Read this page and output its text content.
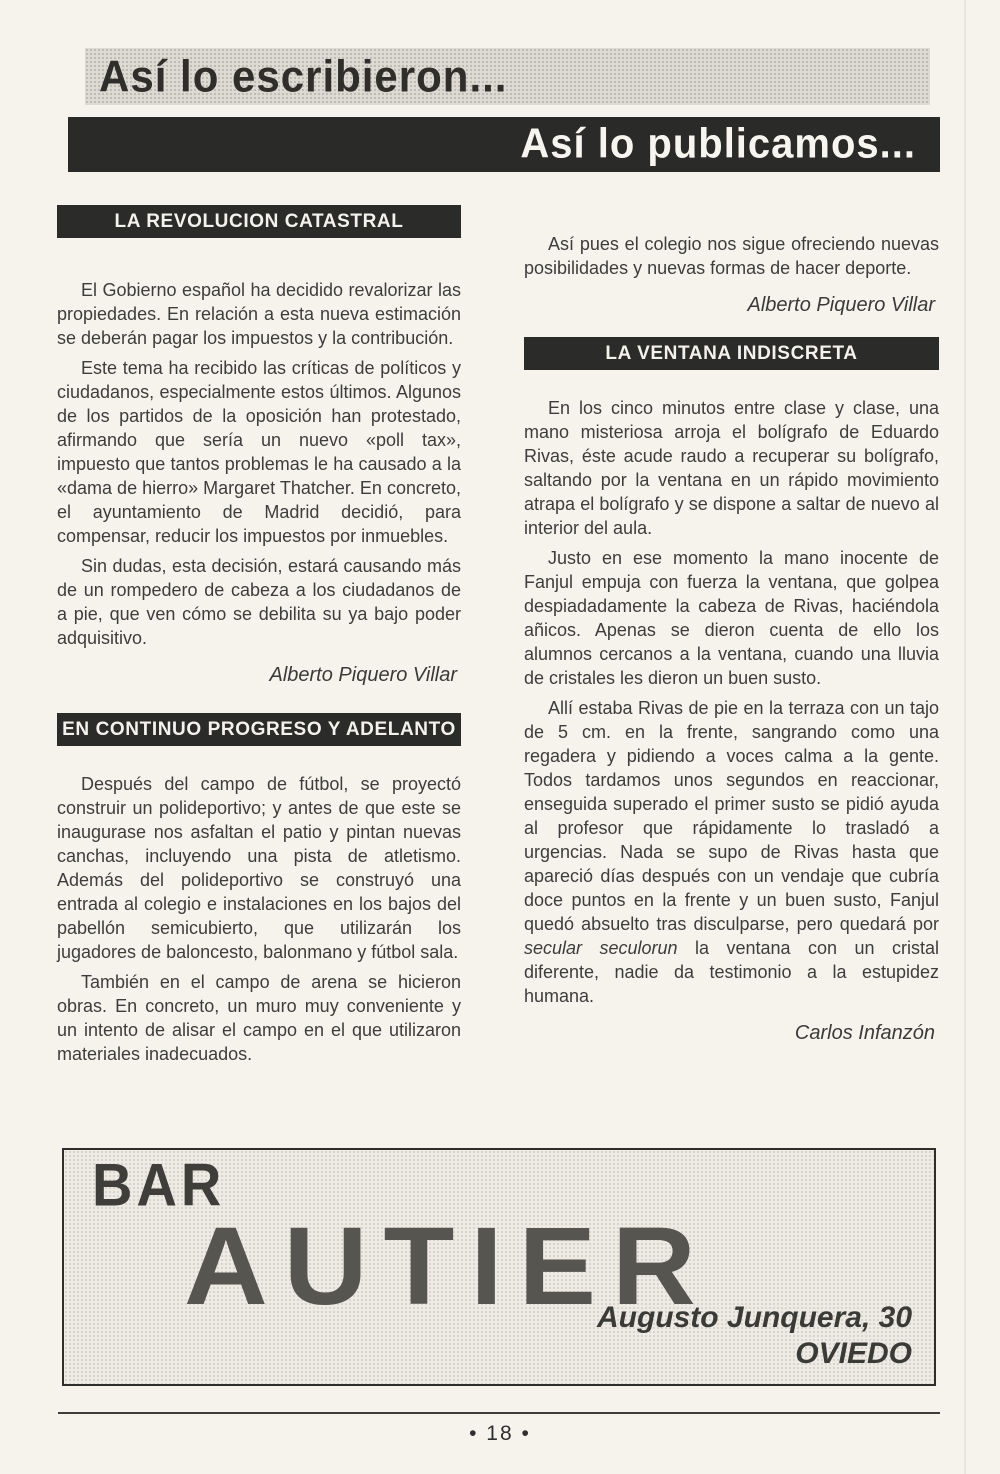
Así lo escribieron...
Así lo publicamos...
LA REVOLUCION CATASTRAL

El Gobierno español ha decidido revalorizar las propiedades. En relación a esta nueva estimación se deberán pagar los impuestos y la contribución.

Este tema ha recibido las críticas de políticos y ciudadanos, especialmente estos últimos. Algunos de los partidos de la oposición han protestado, afirmando que sería un nuevo «poll tax», impuesto que tantos problemas le ha causado a la «dama de hierro» Margaret Thatcher. En concreto, el ayuntamiento de Madrid decidió, para compensar, reducir los impuestos por inmuebles.

Sin dudas, esta decisión, estará causando más de un rompedero de cabeza a los ciudadanos de a pie, que ven cómo se debilita su ya bajo poder adquisitivo.

Alberto Piquero Villar

EN CONTINUO PROGRESO Y ADELANTO

Después del campo de fútbol, se proyectó construir un polideportivo; y antes de que este se inaugurase nos asfaltan el patio y pintan nuevas canchas, incluyendo una pista de atletismo. Además del polideportivo se construyó una entrada al colegio e instalaciones en los bajos del pabellón semicubierto, que utilizarán los jugadores de baloncesto, balonmano y fútbol sala.

También en el campo de arena se hicieron obras. En concreto, un muro muy conveniente y un intento de alisar el campo en el que utilizaron materiales inadecuados.

Así pues el colegio nos sigue ofreciendo nuevas posibilidades y nuevas formas de hacer deporte.

Alberto Piquero Villar

LA VENTANA INDISCRETA

En los cinco minutos entre clase y clase, una mano misteriosa arroja el bolígrafo de Eduardo Rivas, éste acude raudo a recuperar su bolígrafo, saltando por la ventana en un rápido movimiento atrapa el bolígrafo y se dispone a saltar de nuevo al interior del aula.

Justo en ese momento la mano inocente de Fanjul empuja con fuerza la ventana, que golpea despiadadamente la cabeza de Rivas, haciéndola añicos. Apenas se dieron cuenta de ello los alumnos cercanos a la ventana, cuando una lluvia de cristales les dieron un buen susto.

Allí estaba Rivas de pie en la terraza con un tajo de 5 cm. en la frente, sangrando como una regadera y pidiendo a voces calma a la gente. Todos tardamos unos segundos en reaccionar, enseguida superado el primer susto se pidió ayuda al profesor que rápidamente lo trasladó a urgencias. Nada se supo de Rivas hasta que apareció días después con un vendaje que cubría doce puntos en la frente y un buen susto, Fanjul quedó absuelto tras disculparse, pero quedará por secular seculorun la ventana con un cristal diferente, nadie da testimonio a la estupidez humana.

Carlos Infanzón

BAR
AUTIER
Augusto Junquera, 30
OVIEDO
• 18 •
